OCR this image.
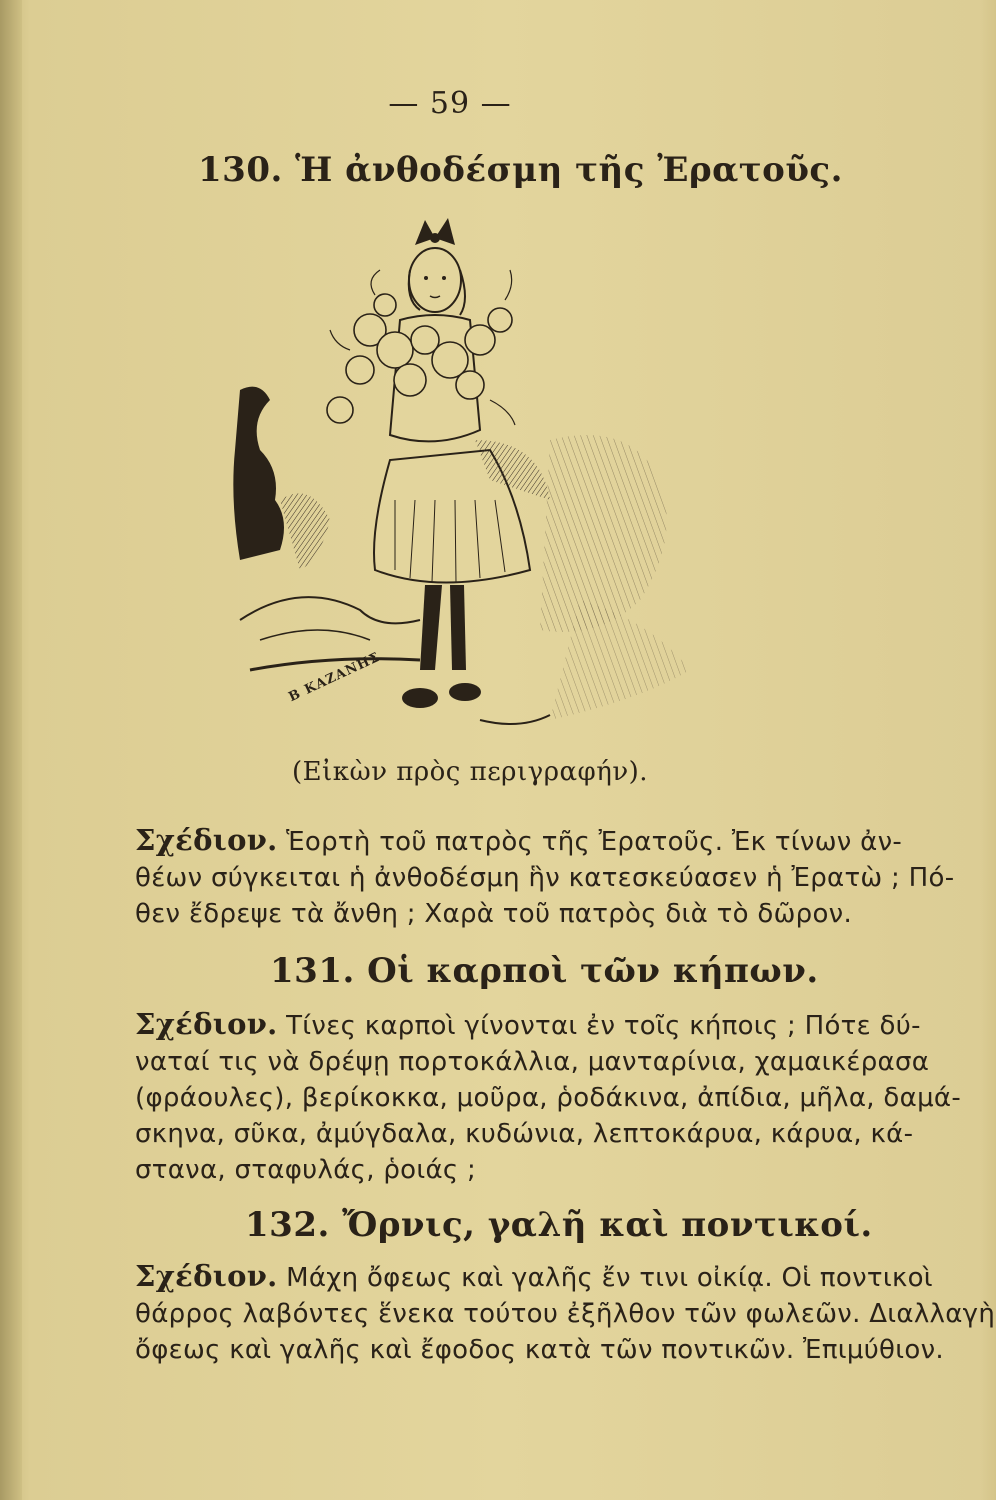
— 59 —
130. Ἡ ἀνθοδέσμη τῆς Ἐρατοῦς.
Β ΚΑΖΑΝΗΣ
(Εἰκὼν πρὸς περιγραφήν).
Σχέδιον. Ἑορτὴ τοῦ πατρὸς τῆς Ἐρατοῦς. Ἐκ τίνων ἀν-
θέων σύγκειται ἡ ἀνθοδέσμη ἣν κατεσκεύασεν ἡ Ἐρατὼ ; Πό-
θεν ἔδρεψε τὰ ἄνθη ; Χαρὰ τοῦ πατρὸς διὰ τὸ δῶρον.
131. Οἱ καρποὶ τῶν κήπων.
Σχέδιον. Τίνες καρποὶ γίνονται ἐν τοῖς κήποις ; Πότε δύ-
ναταί τις νὰ δρέψῃ πορτοκάλλια, μανταρίνια, χαμαικέρασα
(φράουλες), βερίκοκκα, μοῦρα, ῥοδάκινα, ἀπίδια, μῆλα, δαμά-
σκηνα, σῦκα, ἀμύγδαλα, κυδώνια, λεπτοκάρυα, κάρυα, κά-
στανα, σταφυλάς, ῥοιάς ;
132. Ὄρνις, γαλῆ καὶ ποντικοί.
Σχέδιον. Μάχη ὄφεως καὶ γαλῆς ἔν τινι οἰκίᾳ. Οἱ ποντικοὶ
θάρρος λαβόντες ἕνεκα τούτου ἐξῆλθον τῶν φωλεῶν. Διαλλαγὴ
ὄφεως καὶ γαλῆς καὶ ἔφοδος κατὰ τῶν ποντικῶν. Ἐπιμύθιον.
